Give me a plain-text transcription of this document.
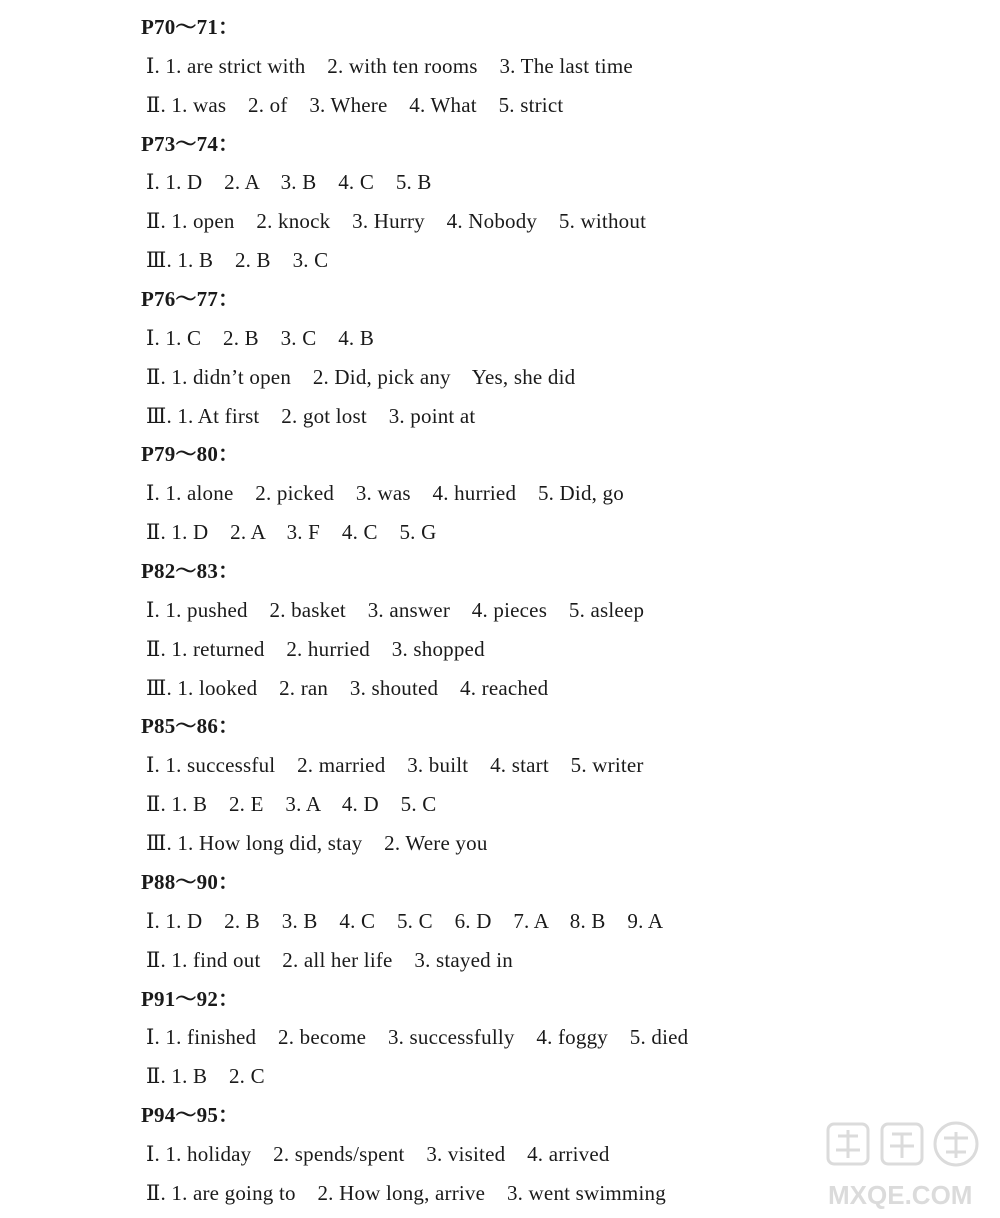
P70～71：
Ⅰ. 1. are strict with    2. with ten rooms    3. The last time
Ⅱ. 1. was    2. of    3. Where    4. What    5. strict
P73～74：
Ⅰ. 1. D    2. A    3. B    4. C    5. B
Ⅱ. 1. open    2. knock    3. Hurry    4. Nobody    5. without
Ⅲ. 1. B    2. B    3. C
P76～77：
Ⅰ. 1. C    2. B    3. C    4. B
Ⅱ. 1. didn’t open    2. Did, pick any    Yes, she did
Ⅲ. 1. At first    2. got lost    3. point at
P79～80：
Ⅰ. 1. alone    2. picked    3. was    4. hurried    5. Did, go
Ⅱ. 1. D    2. A    3. F    4. C    5. G
P82～83：
Ⅰ. 1. pushed    2. basket    3. answer    4. pieces    5. asleep
Ⅱ. 1. returned    2. hurried    3. shopped
Ⅲ. 1. looked    2. ran    3. shouted    4. reached
P85～86：
Ⅰ. 1. successful    2. married    3. built    4. start    5. writer
Ⅱ. 1. B    2. E    3. A    4. D    5. C
Ⅲ. 1. How long did, stay    2. Were you
P88～90：
Ⅰ. 1. D    2. B    3. B    4. C    5. C    6. D    7. A    8. B    9. A
Ⅱ. 1. find out    2. all her life    3. stayed in
P91～92：
Ⅰ. 1. finished    2. become    3. successfully    4. foggy    5. died
Ⅱ. 1. B    2. C
P94～95：
Ⅰ. 1. holiday    2. spends/spent    3. visited    4. arrived
Ⅱ. 1. are going to    2. How long, arrive    3. went swimming	MXQE.COM
